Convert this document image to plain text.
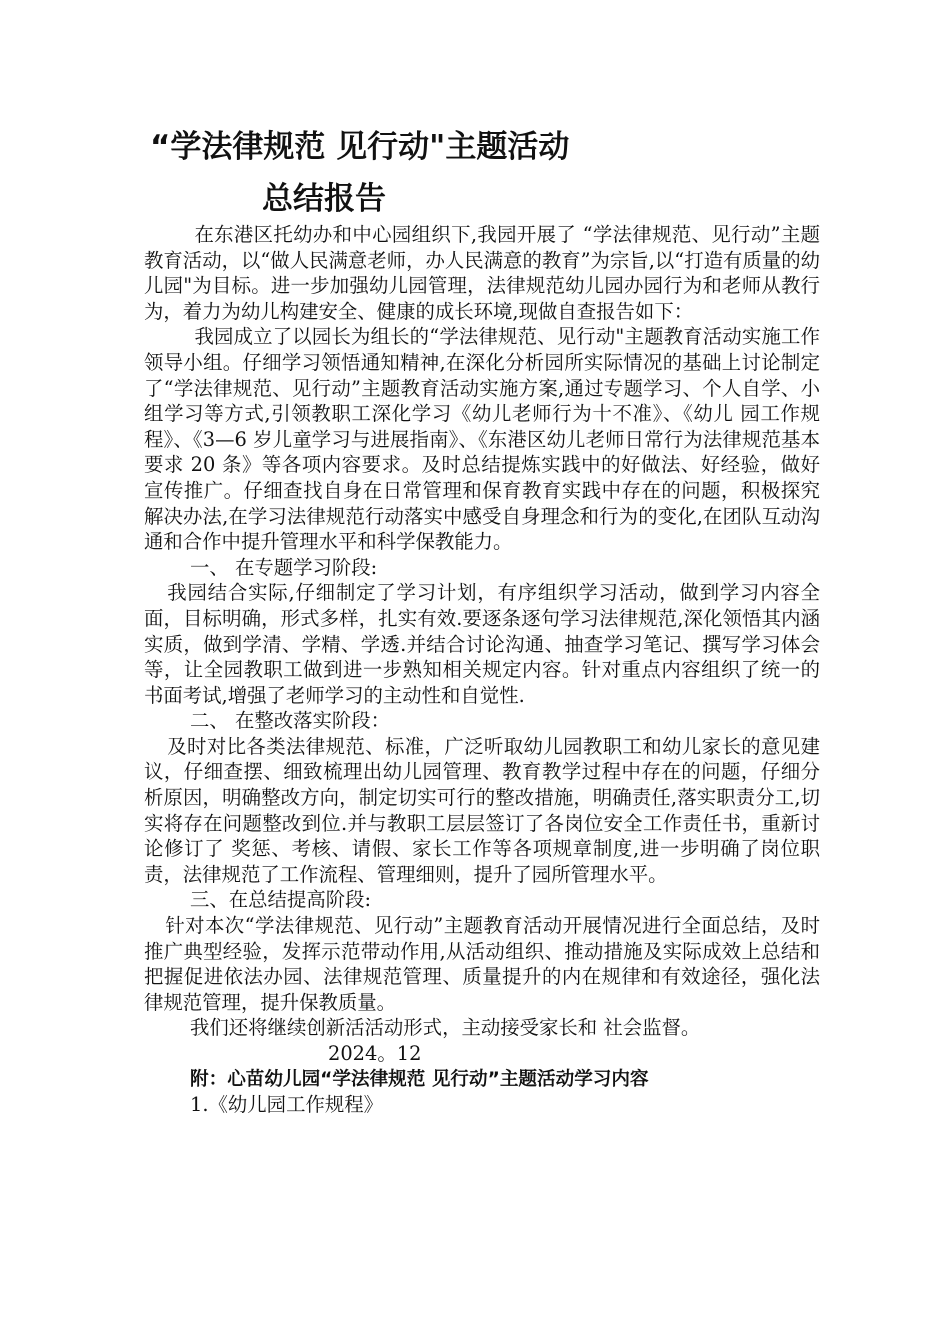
“学法律规范 见行动"主题活动
总结报告

在东港区托幼办和中心园组织下,我园开展了 “学法律规范、见行动”主题教育活动，以“做人民满意老师，办人民满意的教育”为宗旨,以“打造有质量的幼儿园"为目标。进一步加强幼儿园管理，法律规范幼儿园办园行为和老师从教行为，着力为幼儿构建安全、健康的成长环境,现做自查报告如下：

我园成立了以园长为组长的“学法律规范、见行动"主题教育活动实施工作领导小组。仔细学习领悟通知精神,在深化分析园所实际情况的基础上讨论制定了“学法律规范、见行动”主题教育活动实施方案,通过专题学习、个人自学、小组学习等方式,引领教职工深化学习《幼儿老师行为十不准》、《幼儿 园工作规程》、《3—6 岁儿童学习与进展指南》、《东港区幼儿老师日常行为法律规范基本要求 20 条》等各项内容要求。及时总结提炼实践中的好做法、好经验，做好宣传推广。仔细查找自身在日常管理和保育教育实践中存在的问题，积极探究解决办法,在学习法律规范行动落实中感受自身理念和行为的变化,在团队互动沟通和合作中提升管理水平和科学保教能力。

一、 在专题学习阶段:

我园结合实际,仔细制定了学习计划，有序组织学习活动，做到学习内容全面，目标明确，形式多样，扎实有效.要逐条逐句学习法律规范,深化领悟其内涵实质，做到学清、学精、学透.并结合讨论沟通、抽查学习笔记、撰写学习体会等，让全园教职工做到进一步熟知相关规定内容。针对重点内容组织了统一的书面考试,增强了老师学习的主动性和自觉性.

二、 在整改落实阶段：

及时对比各类法律规范、标准，广泛听取幼儿园教职工和幼儿家长的意见建议，仔细查摆、细致梳理出幼儿园管理、教育教学过程中存在的问题，仔细分析原因，明确整改方向，制定切实可行的整改措施，明确责任,落实职责分工,切实将存在问题整改到位.并与教职工层层签订了各岗位安全工作责任书，重新讨论修订了 奖惩、考核、请假、家长工作等各项规章制度,进一步明确了岗位职责，法律规范了工作流程、管理细则，提升了园所管理水平。

三、在总结提高阶段:

针对本次“学法律规范、见行动”主题教育活动开展情况进行全面总结，及时推广典型经验，发挥示范带动作用,从活动组织、推动措施及实际成效上总结和把握促进依法办园、法律规范管理、质量提升的内在规律和有效途径，强化法律规范管理，提升保教质量。

我们还将继续创新活活动形式，主动接受家长和 社会监督。

2024。12

附：心苗幼儿园“学法律规范 见行动”主题活动学习内容

1.《幼儿园工作规程》
